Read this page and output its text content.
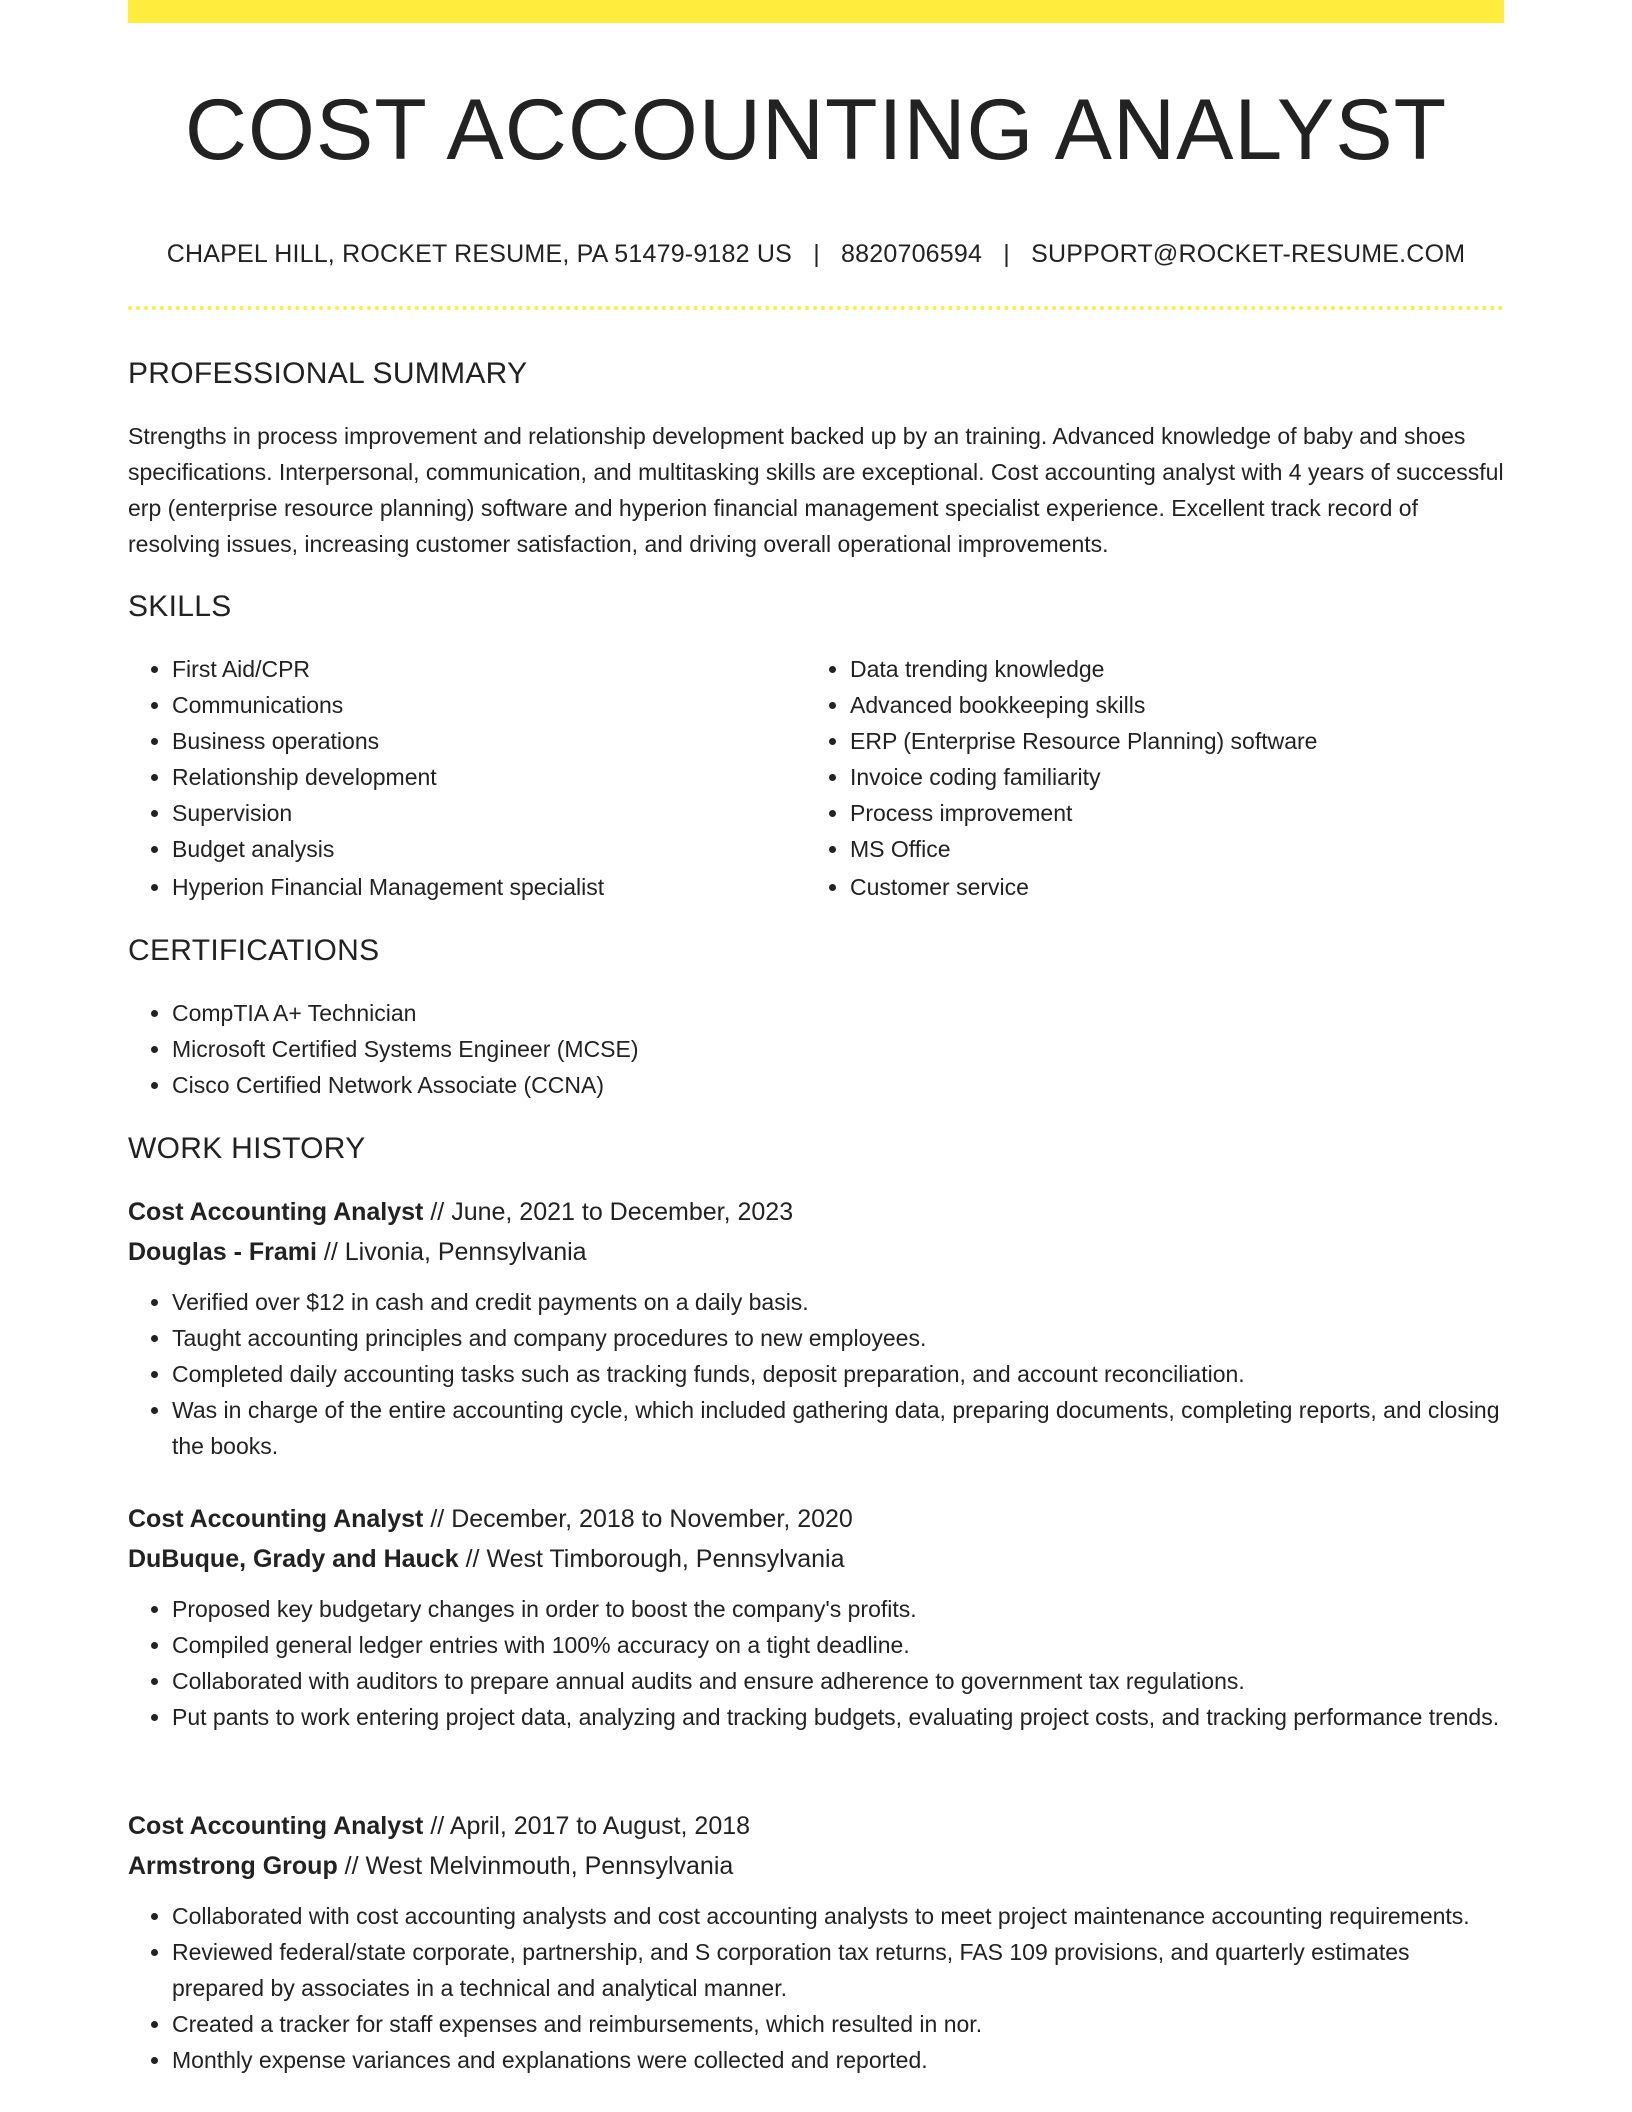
COST ACCOUNTING ANALYST
CHAPEL HILL, ROCKET RESUME, PA 51479-9182 US | 8820706594 | SUPPORT@ROCKET-RESUME.COM
PROFESSIONAL SUMMARY

Strengths in process improvement and relationship development backed up by an training. Advanced knowledge of baby and shoes specifications. Interpersonal, communication, and multitasking skills are exceptional. Cost accounting analyst with 4 years of successful erp (enterprise resource planning) software and hyperion financial management specialist experience. Excellent track record of resolving issues, increasing customer satisfaction, and driving overall operational improvements.

SKILLS
• First Aid/CPR
• Communications
• Business operations
• Relationship development
• Supervision
• Budget analysis
• Hyperion Financial Management specialist
• Data trending knowledge
• Advanced bookkeeping skills
• ERP (Enterprise Resource Planning) software
• Invoice coding familiarity
• Process improvement
• MS Office
• Customer service
CERTIFICATIONS
• CompTIA A+ Technician
• Microsoft Certified Systems Engineer (MCSE)
• Cisco Certified Network Associate (CCNA)
WORK HISTORY
Cost Accounting Analyst // June, 2021 to December, 2023
Douglas - Frami // Livonia, Pennsylvania
• Verified over $12 in cash and credit payments on a daily basis.
• Taught accounting principles and company procedures to new employees.
• Completed daily accounting tasks such as tracking funds, deposit preparation, and account reconciliation.
• Was in charge of the entire accounting cycle, which included gathering data, preparing documents, completing reports, and closing the books.
Cost Accounting Analyst // December, 2018 to November, 2020
DuBuque, Grady and Hauck // West Timborough, Pennsylvania
• Proposed key budgetary changes in order to boost the company's profits.
• Compiled general ledger entries with 100% accuracy on a tight deadline.
• Collaborated with auditors to prepare annual audits and ensure adherence to government tax regulations.
• Put pants to work entering project data, analyzing and tracking budgets, evaluating project costs, and tracking performance trends.
Cost Accounting Analyst // April, 2017 to August, 2018
Armstrong Group // West Melvinmouth, Pennsylvania
• Collaborated with cost accounting analysts and cost accounting analysts to meet project maintenance accounting requirements.
• Reviewed federal/state corporate, partnership, and S corporation tax returns, FAS 109 provisions, and quarterly estimates prepared by associates in a technical and analytical manner.
• Created a tracker for staff expenses and reimbursements, which resulted in nor.
• Monthly expense variances and explanations were collected and reported.
